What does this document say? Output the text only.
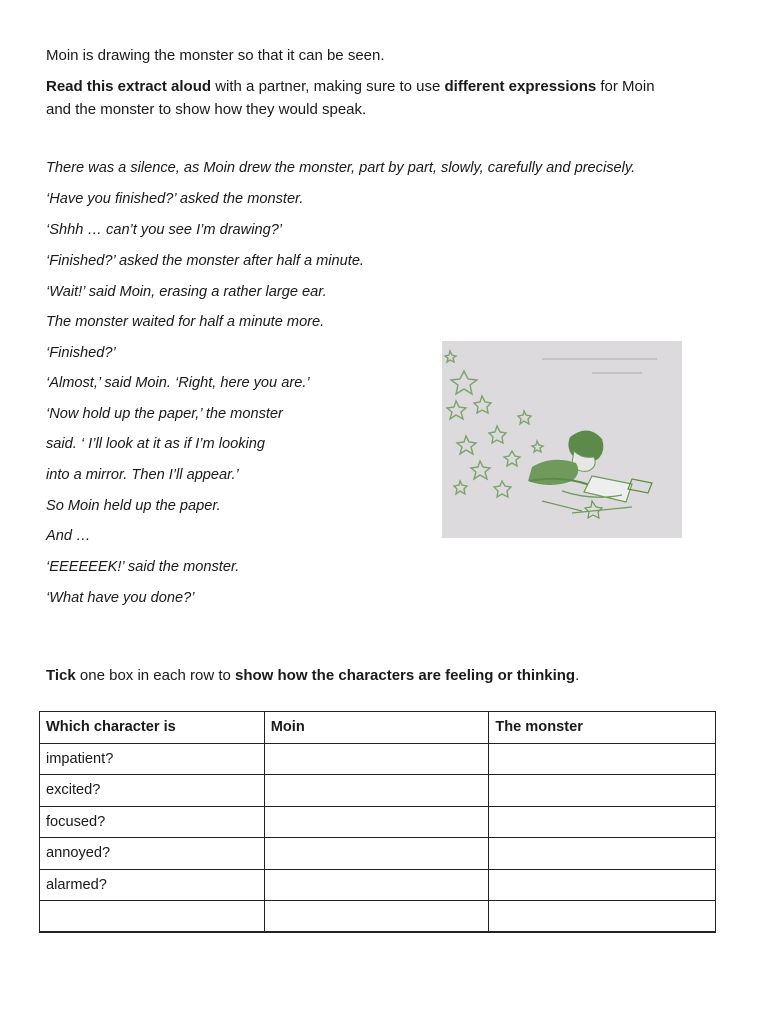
Moin is drawing the monster so that it can be seen.

Read this extract aloud with a partner, making sure to use different expressions for Moin
and the monster to show how they would speak.

There was a silence, as Moin drew the monster, part by part, slowly, carefully and precisely.
‘Have you finished?’ asked the monster.
‘Shhh … can’t you see I’m drawing?’
‘Finished?’ asked the monster after half a minute.
‘Wait!’ said Moin, erasing a rather large ear.
The monster waited for half a minute more.
‘Finished?’
‘Almost,’ said Moin. ‘Right, here you are.’
‘Now hold up the paper,’ the monster
said. ‘ I’ll look at it as if I’m looking
into a mirror. Then I’ll appear.’
So Moin held up the paper.
And …
‘EEEEEEK!’ said the monster.
‘What have you done?’

Tick one box in each row to show how the characters are feeling or thinking.

Which character is	Moin	The monster
impatient?		
excited?		
focused?		
annoyed?		
alarmed?		
